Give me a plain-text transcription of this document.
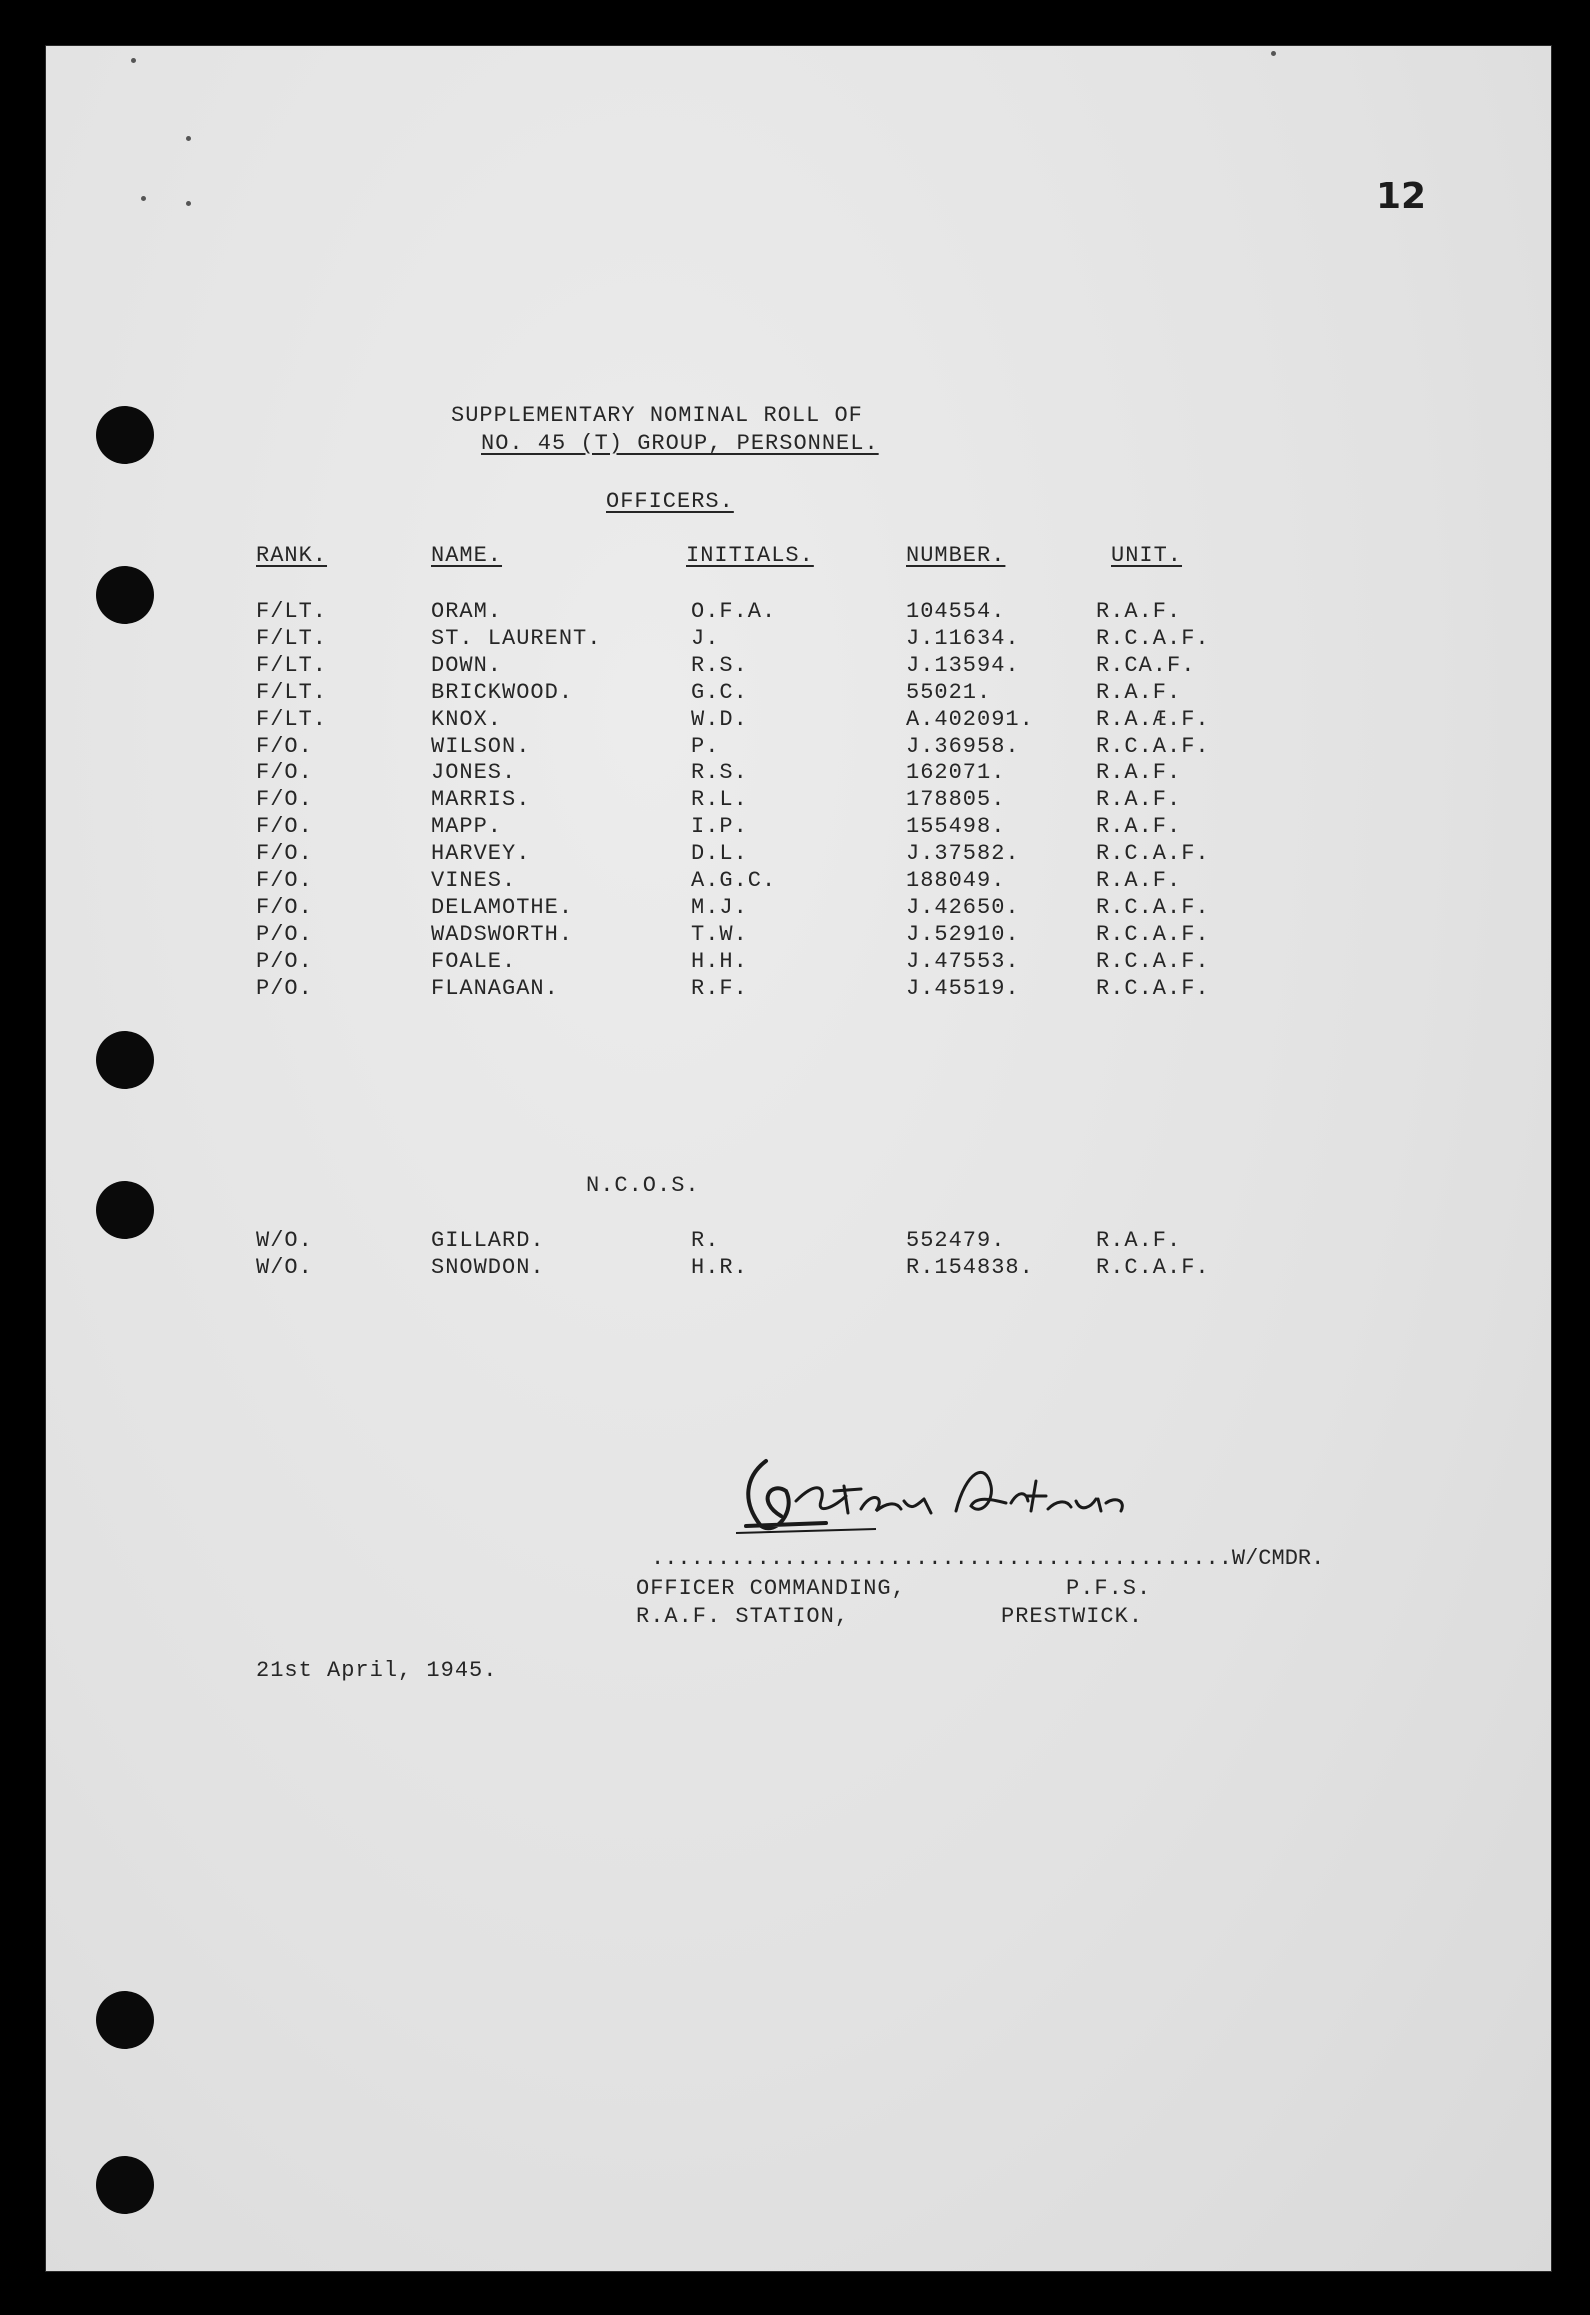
12
SUPPLEMENTARY NOMINAL ROLL OF
NO. 45 (T) GROUP, PERSONNEL.
OFFICERS.
RANK.	NAME.	INITIALS.	NUMBER.	UNIT.
F/LT.	ORAM.	O.F.A.	104554.	R.A.F.
F/LT.	ST. LAURENT.	J.	J.11634.	R.C.A.F.
F/LT.	DOWN.	R.S.	J.13594.	R.CA.F.
F/LT.	BRICKWOOD.	G.C.	55021.	R.A.F.
F/LT.	KNOX.	W.D.	A.402091.	R.A.Æ.F.
F/O.	WILSON.	P.	J.36958.	R.C.A.F.
F/O.	JONES.	R.S.	162071.	R.A.F.
F/O.	MARRIS.	R.L.	178805.	R.A.F.
F/O.	MAPP.	I.P.	155498.	R.A.F.
F/O.	HARVEY.	D.L.	J.37582.	R.C.A.F.
F/O.	VINES.	A.G.C.	188049.	R.A.F.
F/O.	DELAMOTHE.	M.J.	J.42650.	R.C.A.F.
P/O.	WADSWORTH.	T.W.	J.52910.	R.C.A.F.
P/O.	FOALE.	H.H.	J.47553.	R.C.A.F.
P/O.	FLANAGAN.	R.F.	J.45519.	R.C.A.F.
N.C.O.S.
W/O.	GILLARD.	R.	552479.	R.A.F.
W/O.	SNOWDON.	H.R.	R.154838.	R.C.A.F.
............................................W/CMDR.
OFFICER COMMANDING,	P.F.S.
R.A.F. STATION,	PRESTWICK.
21st April, 1945.
